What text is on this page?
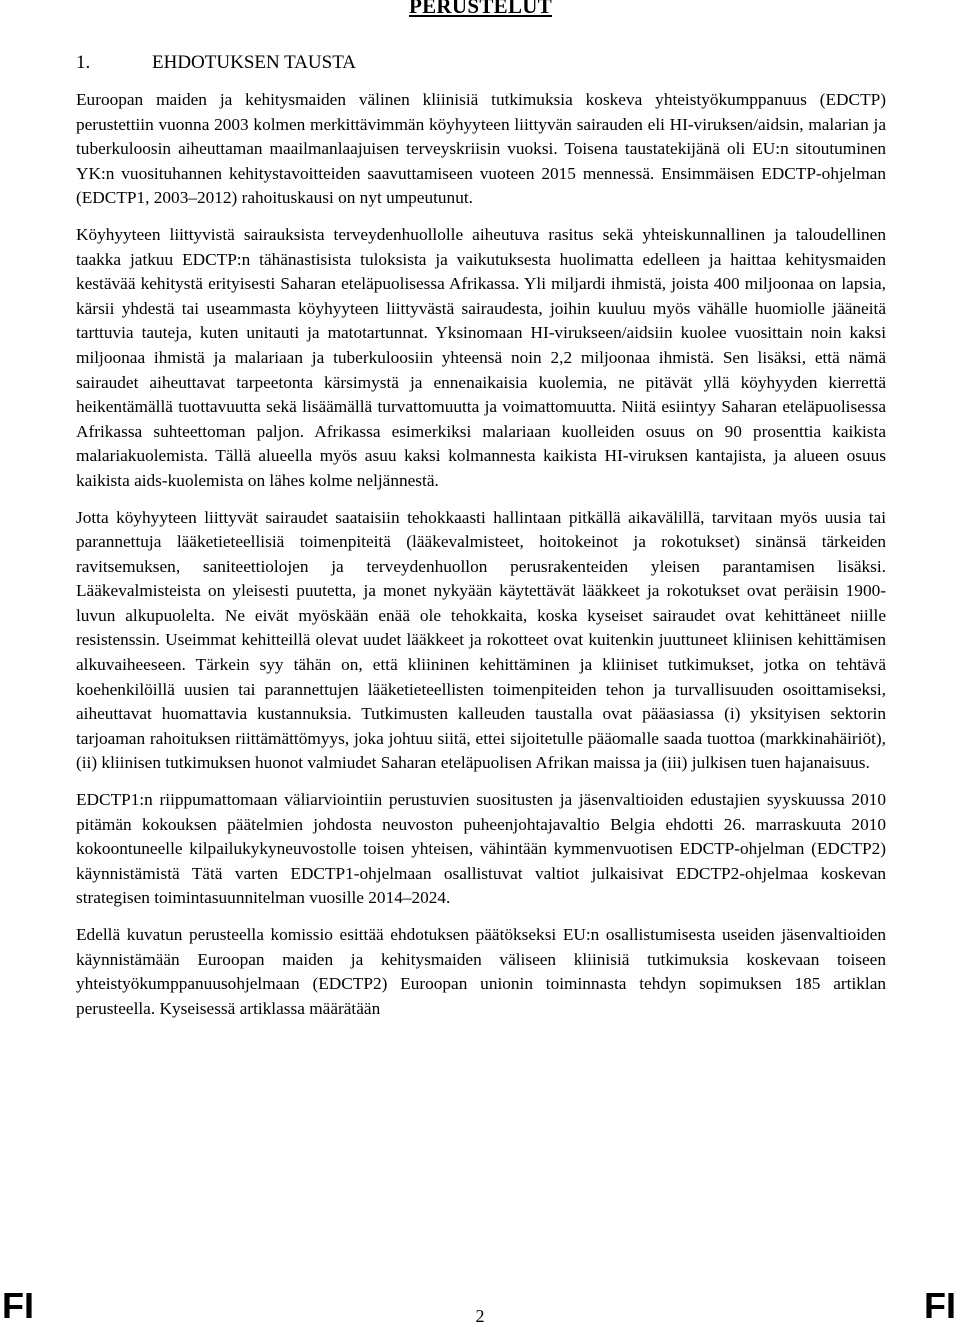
PERUSTELUT
1.	EHDOTUKSEN TAUSTA

Euroopan maiden ja kehitysmaiden välinen kliinisiä tutkimuksia koskeva yhteistyökumppanuus (EDCTP) perustettiin vuonna 2003 kolmen merkittävimmän köyhyyteen liittyvän sairauden eli HI-viruksen/aidsin, malarian ja tuberkuloosin aiheuttaman maailmanlaajuisen terveyskriisin vuoksi. Toisena taustatekijänä oli EU:n sitoutuminen YK:n vuosituhannen kehitystavoitteiden saavuttamiseen vuoteen 2015 mennessä. Ensimmäisen EDCTP-ohjelman (EDCTP1, 2003–2012) rahoituskausi on nyt umpeutunut.

Köyhyyteen liittyvistä sairauksista terveydenhuollolle aiheutuva rasitus sekä yhteiskunnallinen ja taloudellinen taakka jatkuu EDCTP:n tähänastisista tuloksista ja vaikutuksesta huolimatta edelleen ja haittaa kehitysmaiden kestävää kehitystä erityisesti Saharan eteläpuolisessa Afrikassa. Yli miljardi ihmistä, joista 400 miljoonaa on lapsia, kärsii yhdestä tai useammasta köyhyyteen liittyvästä sairaudesta, joihin kuuluu myös vähälle huomiolle jääneitä tarttuvia tauteja, kuten unitauti ja matotartunnat. Yksinomaan HI-virukseen/aidsiin kuolee vuosittain noin kaksi miljoonaa ihmistä ja malariaan ja tuberkuloosiin yhteensä noin 2,2 miljoonaa ihmistä. Sen lisäksi, että nämä sairaudet aiheuttavat tarpeetonta kärsimystä ja ennenaikaisia kuolemia, ne pitävät yllä köyhyyden kierrettä heikentämällä tuottavuutta sekä lisäämällä turvattomuutta ja voimattomuutta. Niitä esiintyy Saharan eteläpuolisessa Afrikassa suhteettoman paljon. Afrikassa esimerkiksi malariaan kuolleiden osuus on 90 prosenttia kaikista malariakuolemista. Tällä alueella myös asuu kaksi kolmannesta kaikista HI-viruksen kantajista, ja alueen osuus kaikista aids-kuolemista on lähes kolme neljännestä.

Jotta köyhyyteen liittyvät sairaudet saataisiin tehokkaasti hallintaan pitkällä aikavälillä, tarvitaan myös uusia tai parannettuja lääketieteellisiä toimenpiteitä (lääkevalmisteet, hoitokeinot ja rokotukset) sinänsä tärkeiden ravitsemuksen, saniteettiolojen ja terveydenhuollon perusrakenteiden yleisen parantamisen lisäksi. Lääkevalmisteista on yleisesti puutetta, ja monet nykyään käytettävät lääkkeet ja rokotukset ovat peräisin 1900-luvun alkupuolelta. Ne eivät myöskään enää ole tehokkaita, koska kyseiset sairaudet ovat kehittäneet niille resistenssin. Useimmat kehitteillä olevat uudet lääkkeet ja rokotteet ovat kuitenkin juuttuneet kliinisen kehittämisen alkuvaiheeseen. Tärkein syy tähän on, että kliininen kehittäminen ja kliiniset tutkimukset, jotka on tehtävä koehenkilöillä uusien tai parannettujen lääketieteellisten toimenpiteiden tehon ja turvallisuuden osoittamiseksi, aiheuttavat huomattavia kustannuksia. Tutkimusten kalleuden taustalla ovat pääasiassa (i) yksityisen sektorin tarjoaman rahoituksen riittämättömyys, joka johtuu siitä, ettei sijoitetulle pääomalle saada tuottoa (markkinahäiriöt), (ii) kliinisen tutkimuksen huonot valmiudet Saharan eteläpuolisen Afrikan maissa ja (iii) julkisen tuen hajanaisuus.

EDCTP1:n riippumattomaan väliarviointiin perustuvien suositusten ja jäsenvaltioiden edustajien syyskuussa 2010 pitämän kokouksen päätelmien johdosta neuvoston puheenjohtajavaltio Belgia ehdotti 26. marraskuuta 2010 kokoontuneelle kilpailukykyneuvostolle toisen yhteisen, vähintään kymmenvuotisen EDCTP-ohjelman (EDCTP2) käynnistämistä Tätä varten EDCTP1-ohjelmaan osallistuvat valtiot julkaisivat EDCTP2-ohjelmaa koskevan strategisen toimintasuunnitelman vuosille 2014–2024.

Edellä kuvatun perusteella komissio esittää ehdotuksen päätökseksi EU:n osallistumisesta useiden jäsenvaltioiden käynnistämään Euroopan maiden ja kehitysmaiden väliseen kliinisiä tutkimuksia koskevaan toiseen yhteistyökumppanuusohjelmaan (EDCTP2) Euroopan unionin toiminnasta tehdyn sopimuksen 185 artiklan perusteella. Kyseisessä artiklassa määrätään

FI	2	FI
